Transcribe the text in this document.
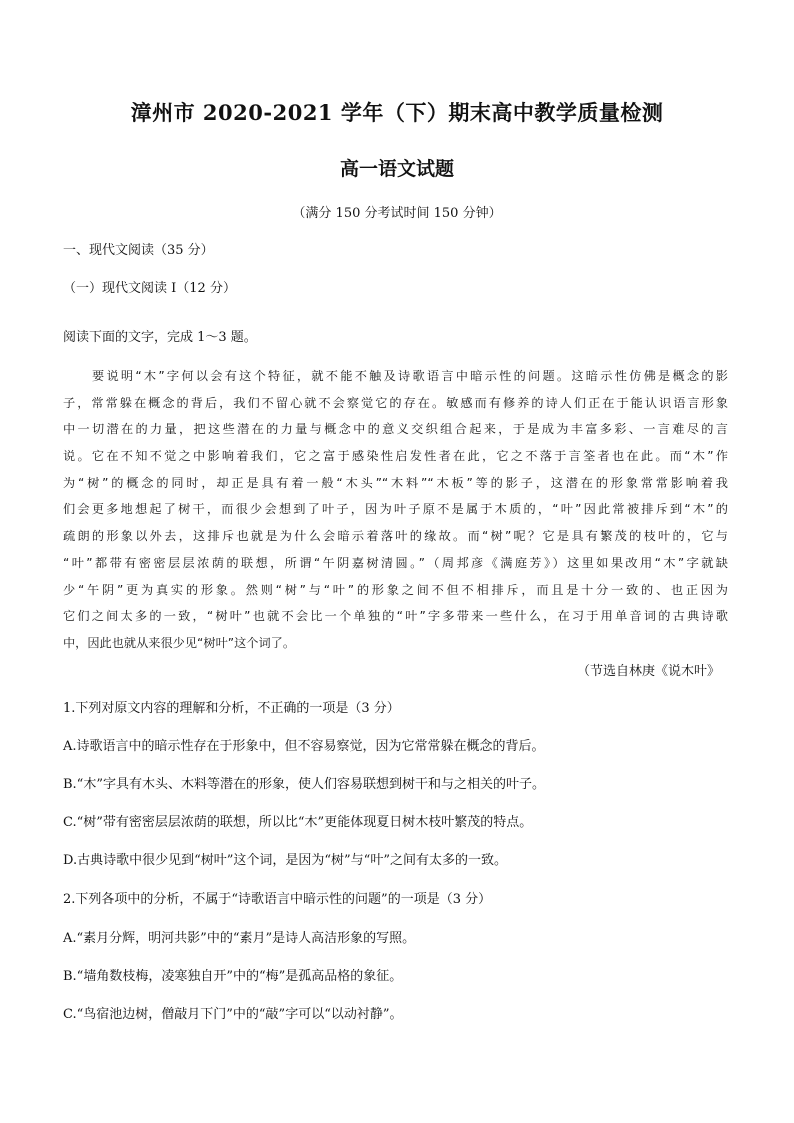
漳州市 2020-2021 学年（下）期末高中教学质量检测
高一语文试题
（满分 150 分考试时间 150 分钟）
一、现代文阅读（35 分）
（一）现代文阅读 I（12 分）
阅读下面的文字，完成 1～3 题。
要说明“木”字何以会有这个特征，就不能不触及诗歌语言中暗示性的问题。这暗示性仿佛是概念的影
子，常常躲在概念的背后，我们不留心就不会察觉它的存在。敏感而有修养的诗人们正在于能认识语言形象
中一切潜在的力量，把这些潜在的力量与概念中的意义交织组合起来，于是成为丰富多彩、一言难尽的言
说。它在不知不觉之中影响着我们，它之富于感染性启发性者在此，它之不落于言筌者也在此。而“木”作
为“树”的概念的同时，却正是具有着一般“木头”“木料”“木板”等的影子，这潜在的形象常常影响着我
们会更多地想起了树干，而很少会想到了叶子，因为叶子原不是属于木质的，“叶”因此常被排斥到“木”的
疏朗的形象以外去，这排斥也就是为什么会暗示着落叶的缘故。而“树”呢？它是具有繁茂的枝叶的，它与
“叶”都带有密密层层浓荫的联想，所谓“午阴嘉树清圆。”（周邦彦《满庭芳》）这里如果改用“木”字就缺
少“午阴”更为真实的形象。然则“树”与“叶”的形象之间不但不相排斥，而且是十分一致的、也正因为
它们之间太多的一致，“树叶”也就不会比一个单独的“叶”字多带来一些什么，在习于用单音词的古典诗歌
中，因此也就从来很少见“树叶”这个词了。
（节选自林庚《说木叶》
1.下列对原文内容的理解和分析，不正确的一项是（3 分）
A.诗歌语言中的暗示性存在于形象中，但不容易察觉，因为它常常躲在概念的背后。
B.“木”字具有木头、木料等潜在的形象，使人们容易联想到树干和与之相关的叶子。
C.“树”带有密密层层浓荫的联想，所以比“木”更能体现夏日树木枝叶繁茂的特点。
D.古典诗歌中很少见到“树叶”这个词，是因为“树”与“叶”之间有太多的一致。
2.下列各项中的分析，不属于“诗歌语言中暗示性的问题”的一项是（3 分）
A.“素月分辉，明河共影”中的“素月”是诗人高洁形象的写照。
B.“墙角数枝梅，凌寒独自开”中的“梅”是孤高品格的象征。
C.“鸟宿池边树，僧敲月下门”中的“敲”字可以“以动衬静”。
